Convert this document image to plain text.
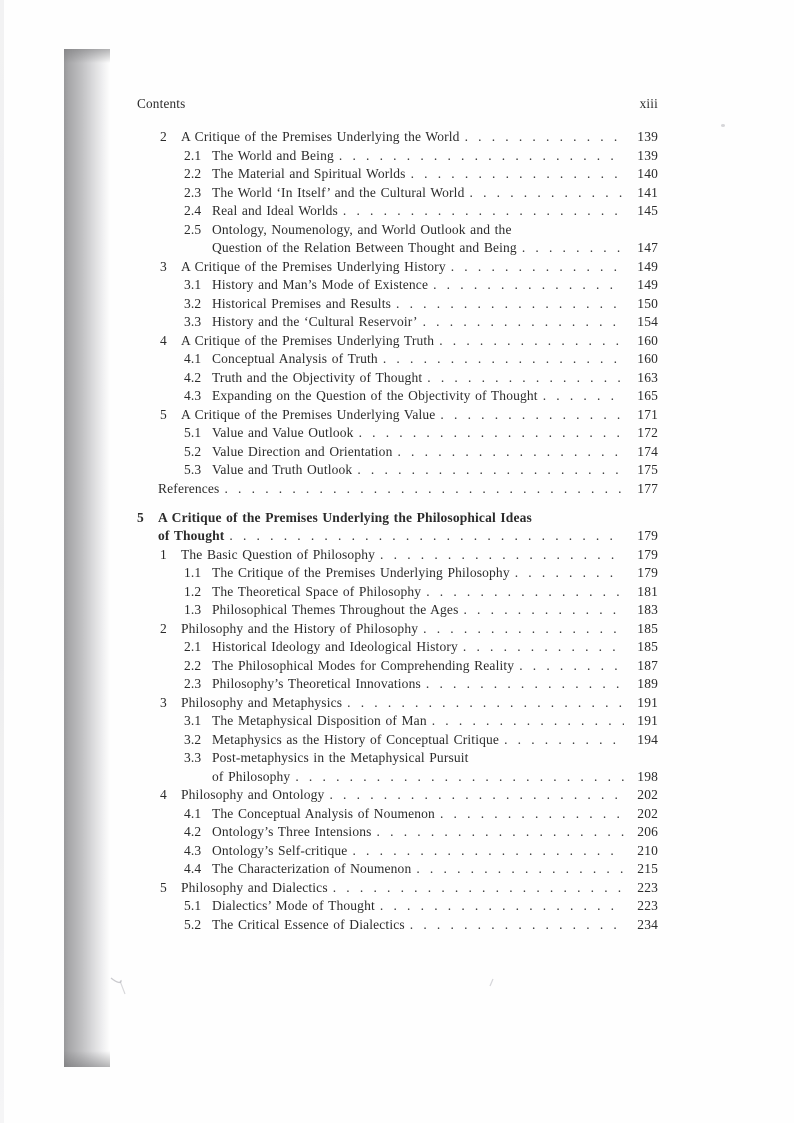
Contents	xiii
2	A Critique of the Premises Underlying the World .....	139
2.1 The World and Being .....	139
2.2 The Material and Spiritual Worlds .....	140
2.3 The World ‘In Itself’ and the Cultural World .....	141
2.4 Real and Ideal Worlds .....	145
2.5 Ontology, Noumenology, and World Outlook and the
Question of the Relation Between Thought and Being .....	147
3	A Critique of the Premises Underlying History .....	149
3.1 History and Man’s Mode of Existence .....	149
3.2 Historical Premises and Results .....	150
3.3 History and the ‘Cultural Reservoir’ .....	154
4	A Critique of the Premises Underlying Truth .....	160
4.1 Conceptual Analysis of Truth .....	160
4.2 Truth and the Objectivity of Thought .....	163
4.3 Expanding on the Question of the Objectivity of Thought .....	165
5	A Critique of the Premises Underlying Value .....	171
5.1 Value and Value Outlook .....	172
5.2 Value Direction and Orientation .....	174
5.3 Value and Truth Outlook .....	175
References .....	177
5	A Critique of the Premises Underlying the Philosophical Ideas
of Thought .....	179
1	The Basic Question of Philosophy .....	179
1.1 The Critique of the Premises Underlying Philosophy .....	179
1.2 The Theoretical Space of Philosophy .....	181
1.3 Philosophical Themes Throughout the Ages .....	183
2	Philosophy and the History of Philosophy .....	185
2.1 Historical Ideology and Ideological History .....	185
2.2 The Philosophical Modes for Comprehending Reality .....	187
2.3 Philosophy’s Theoretical Innovations .....	189
3	Philosophy and Metaphysics .....	191
3.1 The Metaphysical Disposition of Man .....	191
3.2 Metaphysics as the History of Conceptual Critique .....	194
3.3 Post-metaphysics in the Metaphysical Pursuit
of Philosophy .....	198
4	Philosophy and Ontology .....	202
4.1 The Conceptual Analysis of Noumenon .....	202
4.2 Ontology’s Three Intensions .....	206
4.3 Ontology’s Self-critique .....	210
4.4 The Characterization of Noumenon .....	215
5	Philosophy and Dialectics .....	223
5.1 Dialectics’ Mode of Thought .....	223
5.2 The Critical Essence of Dialectics .....	234
